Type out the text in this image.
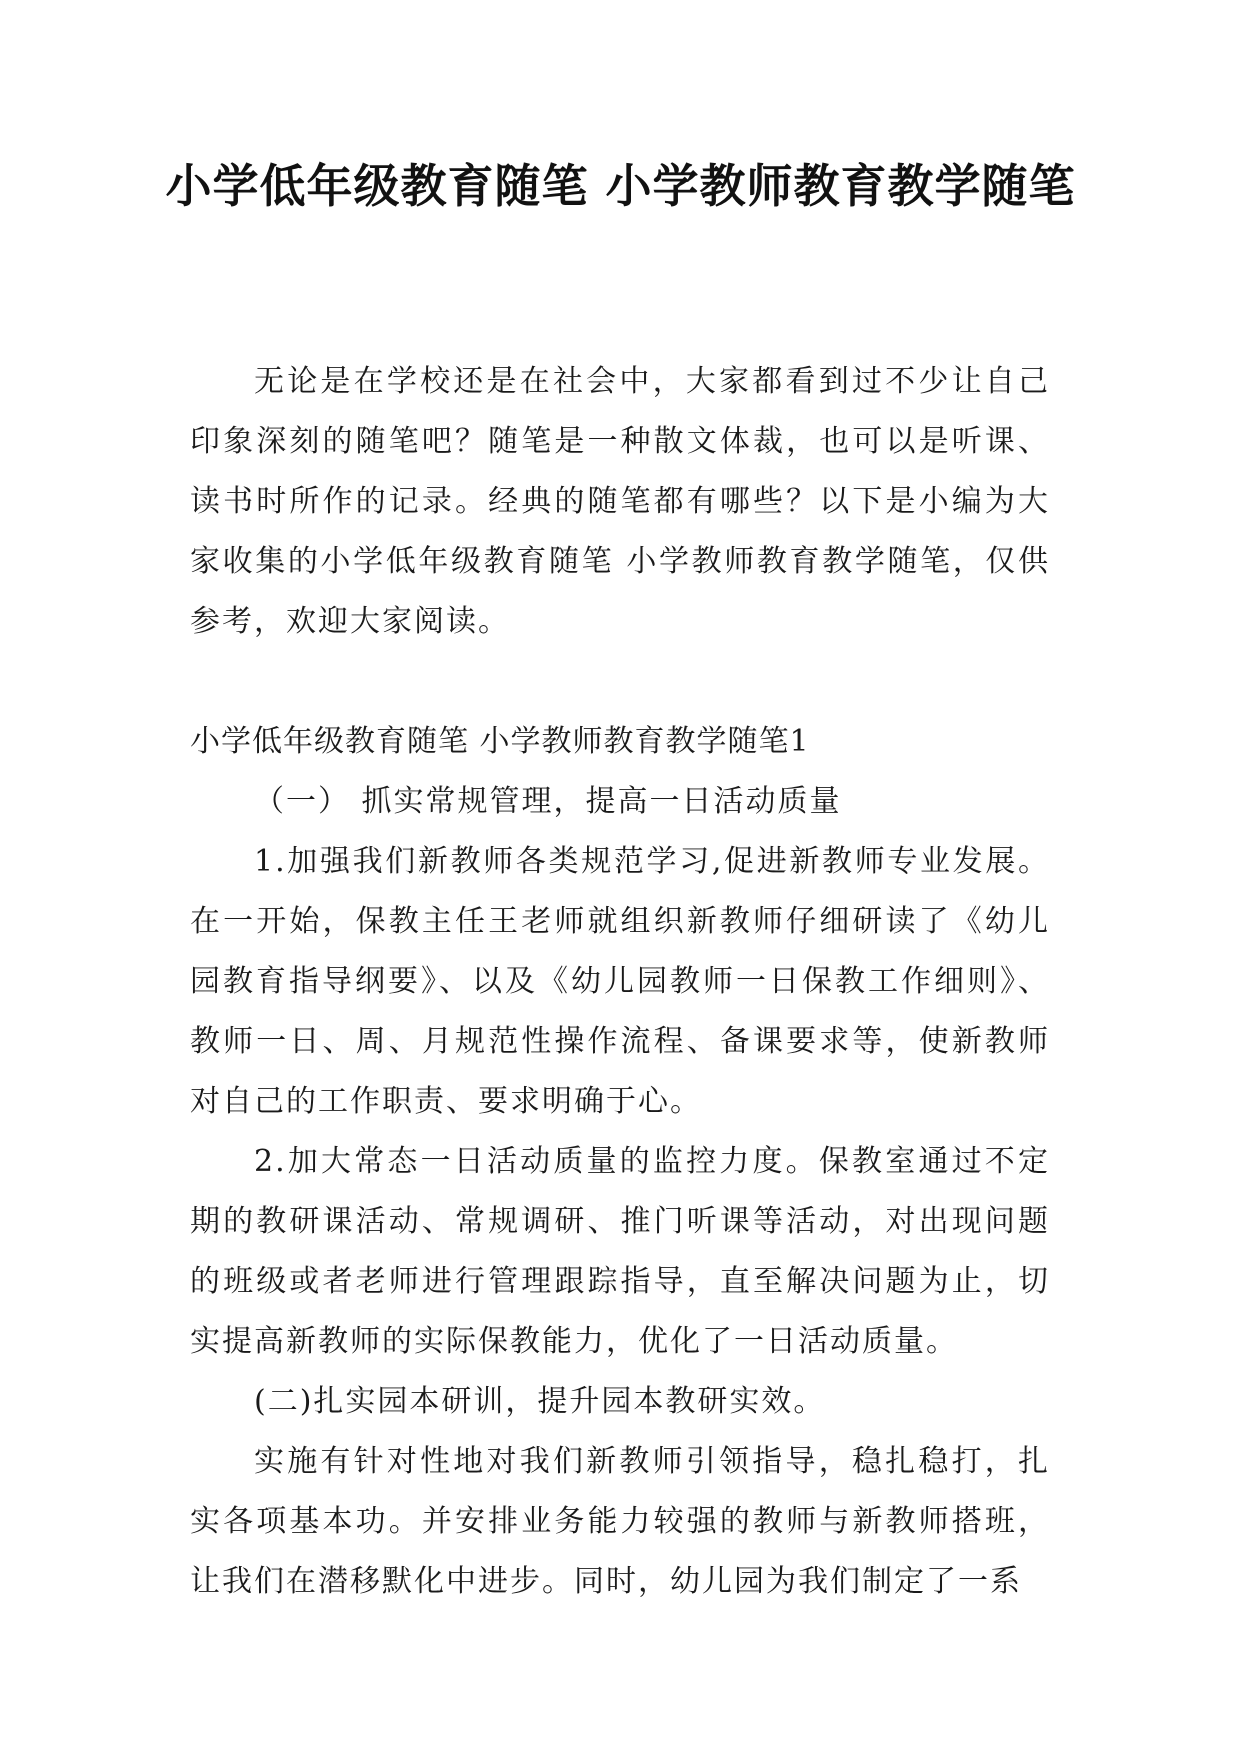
小学低年级教育随笔 小学教师教育教学随笔

无论是在学校还是在社会中，大家都看到过不少让自己印象深刻的随笔吧？随笔是一种散文体裁，也可以是听课、读书时所作的记录。经典的随笔都有哪些？以下是小编为大家收集的小学低年级教育随笔 小学教师教育教学随笔，仅供参考，欢迎大家阅读。

小学低年级教育随笔 小学教师教育教学随笔1

（一） 抓实常规管理，提高一日活动质量

1.加强我们新教师各类规范学习,促进新教师专业发展。在一开始，保教主任王老师就组织新教师仔细研读了《幼儿园教育指导纲要》、以及《幼儿园教师一日保教工作细则》、教师一日、周、月规范性操作流程、备课要求等，使新教师对自己的工作职责、要求明确于心。

2.加大常态一日活动质量的监控力度。保教室通过不定期的教研课活动、常规调研、推门听课等活动，对出现问题的班级或者老师进行管理跟踪指导，直至解决问题为止，切实提高新教师的实际保教能力，优化了一日活动质量。

(二)扎实园本研训，提升园本教研实效。

实施有针对性地对我们新教师引领指导，稳扎稳打，扎实各项基本功。并安排业务能力较强的教师与新教师搭班，让我们在潜移默化中进步。同时，幼儿园为我们制定了一系
